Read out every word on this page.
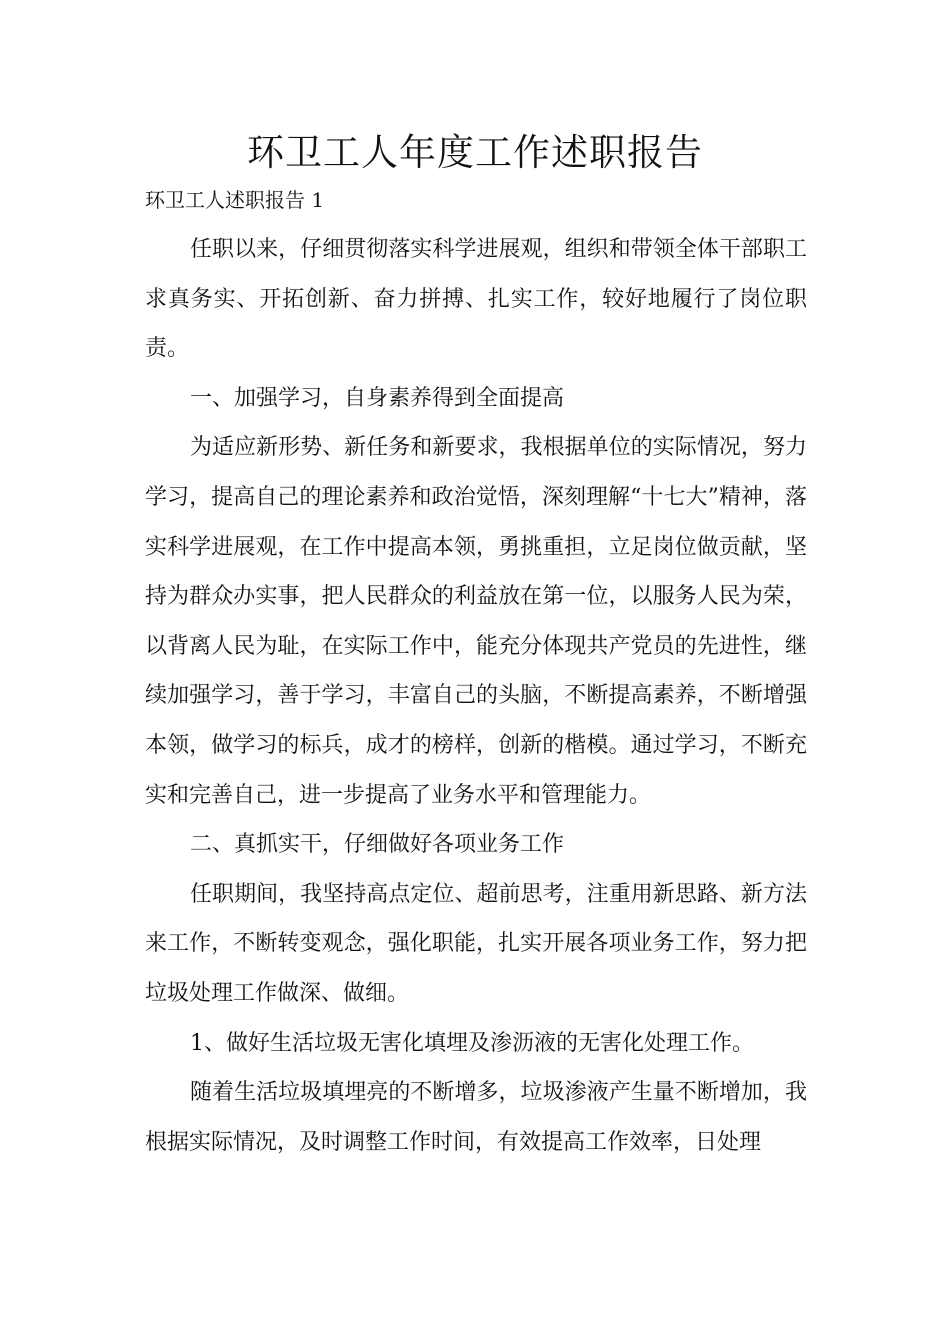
环卫工人年度工作述职报告

环卫工人述职报告 1

任职以来，仔细贯彻落实科学进展观，组织和带领全体干部职工求真务实、开拓创新、奋力拼搏、扎实工作，较好地履行了岗位职责。

一、加强学习，自身素养得到全面提高

为适应新形势、新任务和新要求，我根据单位的实际情况，努力学习，提高自己的理论素养和政治觉悟，深刻理解“十七大”精神，落实科学进展观，在工作中提高本领，勇挑重担，立足岗位做贡献，坚持为群众办实事，把人民群众的利益放在第一位，以服务人民为荣，以背离人民为耻，在实际工作中，能充分体现共产党员的先进性，继续加强学习，善于学习，丰富自己的头脑，不断提高素养，不断增强本领，做学习的标兵，成才的榜样，创新的楷模。通过学习，不断充实和完善自己，进一步提高了业务水平和管理能力。

二、真抓实干，仔细做好各项业务工作

任职期间，我坚持高点定位、超前思考，注重用新思路、新方法来工作，不断转变观念，强化职能，扎实开展各项业务工作，努力把垃圾处理工作做深、做细。

1、做好生活垃圾无害化填埋及渗沥液的无害化处理工作。

随着生活垃圾填埋亮的不断增多，垃圾渗液产生量不断增加，我根据实际情况，及时调整工作时间，有效提高工作效率，日处理
